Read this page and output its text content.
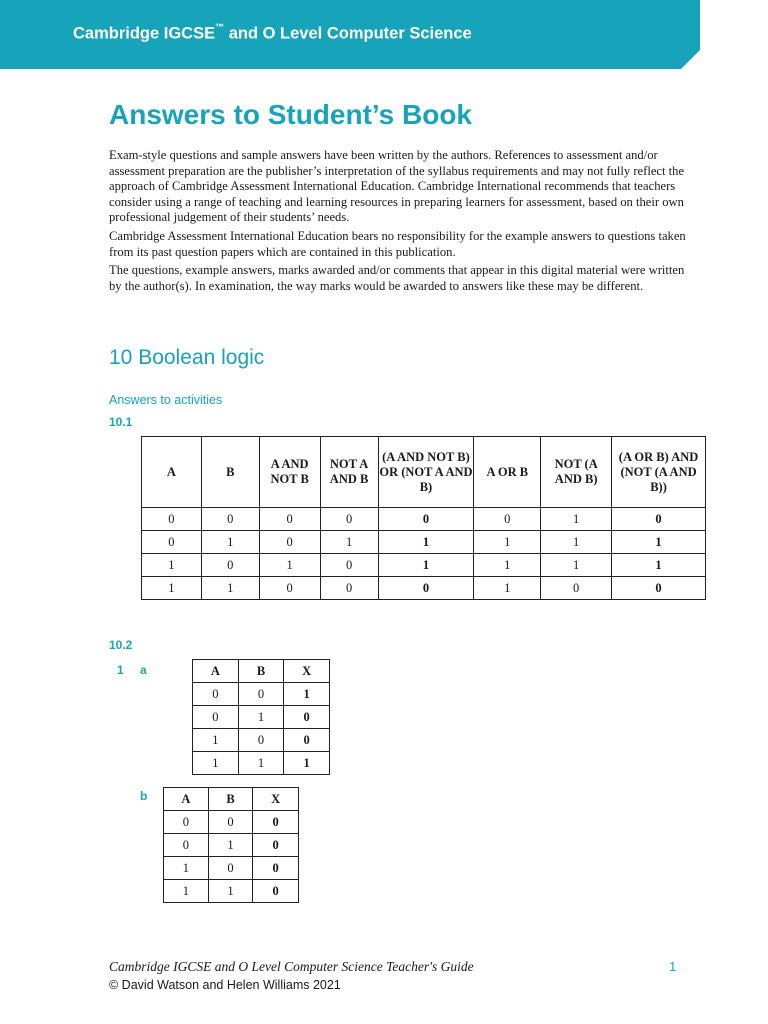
Cambridge IGCSE™ and O Level Computer Science
Answers to Student’s Book

Exam-style questions and sample answers have been written by the authors. References to assessment and/or assessment preparation are the publisher’s interpretation of the syllabus requirements and may not fully reflect the approach of Cambridge Assessment International Education. Cambridge International recommends that teachers consider using a range of teaching and learning resources in preparing learners for assessment, based on their own professional judgement of their students’ needs.

Cambridge Assessment International Education bears no responsibility for the example answers to questions taken from its past question papers which are contained in this publication.

The questions, example answers, marks awarded and/or comments that appear in this digital material were written by the author(s). In examination, the way marks would be awarded to answers like these may be different.

10 Boolean logic
Answers to activities
10.1
A	B	A AND NOT B	NOT A AND B	(A AND NOT B) OR (NOT A AND B)	A OR B	NOT (A AND B)	(A OR B) AND (NOT (A AND B))
0	0	0	0	0	0	1	0
0	1	0	1	1	1	1	1
1	0	1	0	1	1	1	1
1	1	0	0	0	1	0	0
10.2
1 a	A	B	X
0	0	1
0	1	0
1	0	0
1	1	1
b	A	B	X
0	0	0
0	1	0
1	0	0
1	1	0
Cambridge IGCSE and O Level Computer Science Teacher's Guide	1
© David Watson and Helen Williams 2021
